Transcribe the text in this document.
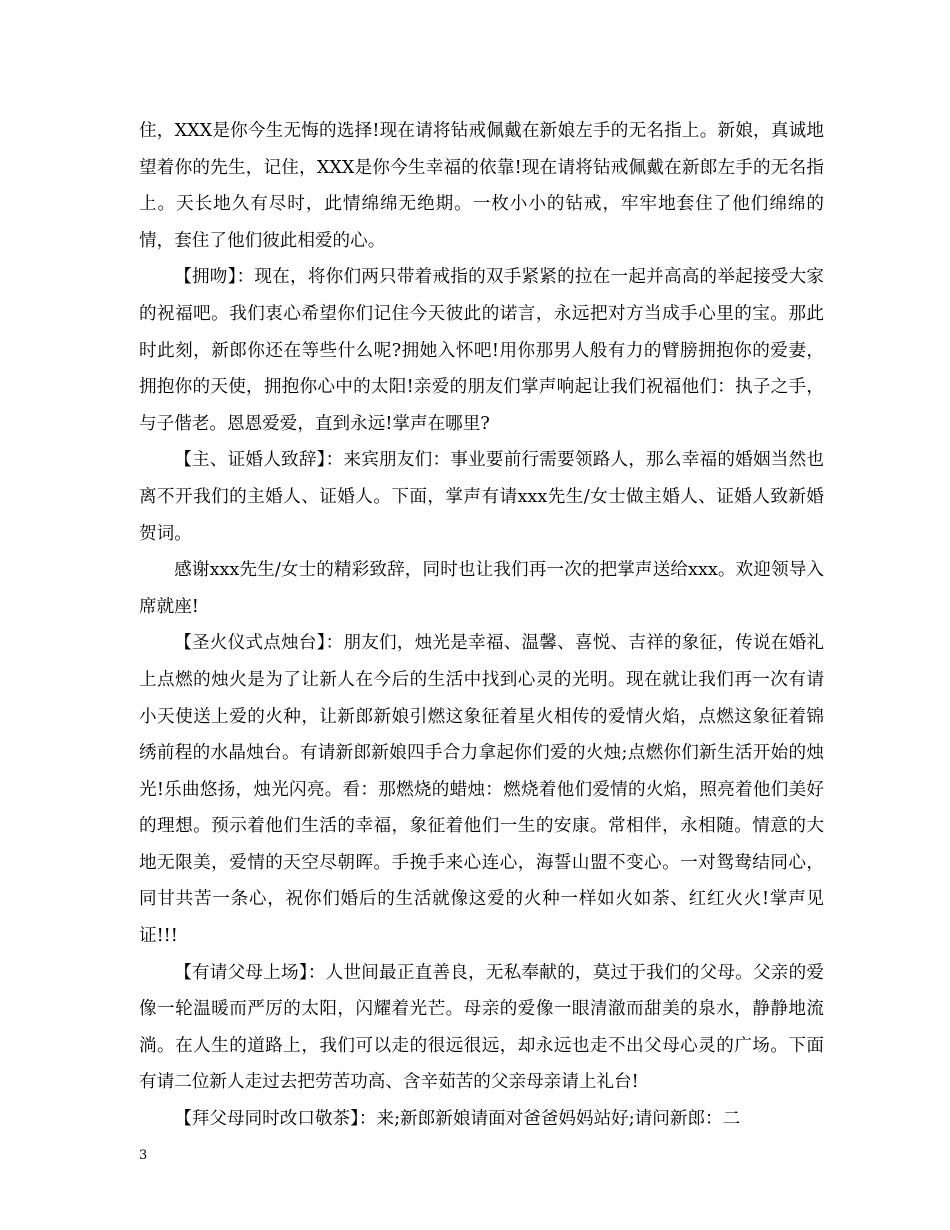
住，XXX是你今生无悔的选择!现在请将钻戒佩戴在新娘左手的无名指上。新娘，真诚地望着你的先生，记住，XXX是你今生幸福的依靠!现在请将钻戒佩戴在新郎左手的无名指上。天长地久有尽时，此情绵绵无绝期。一枚小小的钻戒，牢牢地套住了他们绵绵的情，套住了他们彼此相爱的心。

【拥吻】：现在，将你们两只带着戒指的双手紧紧的拉在一起并高高的举起接受大家的祝福吧。我们衷心希望你们记住今天彼此的诺言，永远把对方当成手心里的宝。那此时此刻，新郎你还在等些什么呢?拥她入怀吧!用你那男人般有力的臂膀拥抱你的爱妻，拥抱你的天使，拥抱你心中的太阳!亲爱的朋友们掌声响起让我们祝福他们：执子之手，与子偕老。恩恩爱爱，直到永远!掌声在哪里?

【主、证婚人致辞】：来宾朋友们：事业要前行需要领路人，那么幸福的婚姻当然也离不开我们的主婚人、证婚人。下面，掌声有请xxx先生/女士做主婚人、证婚人致新婚贺词。

感谢xxx先生/女士的精彩致辞，同时也让我们再一次的把掌声送给xxx。欢迎领导入席就座!

【圣火仪式点烛台】：朋友们，烛光是幸福、温馨、喜悦、吉祥的象征，传说在婚礼上点燃的烛火是为了让新人在今后的生活中找到心灵的光明。现在就让我们再一次有请小天使送上爱的火种，让新郎新娘引燃这象征着星火相传的爱情火焰，点燃这象征着锦绣前程的水晶烛台。有请新郎新娘四手合力拿起你们爱的火烛;点燃你们新生活开始的烛光!乐曲悠扬，烛光闪亮。看：那燃烧的蜡烛：燃烧着他们爱情的火焰，照亮着他们美好的理想。预示着他们生活的幸福，象征着他们一生的安康。常相伴，永相随。情意的大地无限美，爱情的天空尽朝晖。手挽手来心连心，海誓山盟不变心。一对鸳鸯结同心，同甘共苦一条心，祝你们婚后的生活就像这爱的火种一样如火如荼、红红火火!掌声见证!!!

【有请父母上场】：人世间最正直善良，无私奉献的，莫过于我们的父母。父亲的爱像一轮温暖而严厉的太阳，闪耀着光芒。母亲的爱像一眼清澈而甜美的泉水，静静地流淌。在人生的道路上，我们可以走的很远很远，却永远也走不出父母心灵的广场。下面有请二位新人走过去把劳苦功高、含辛茹苦的父亲母亲请上礼台!

【拜父母同时改口敬茶】：来;新郎新娘请面对爸爸妈妈站好;请问新郎：二

3
